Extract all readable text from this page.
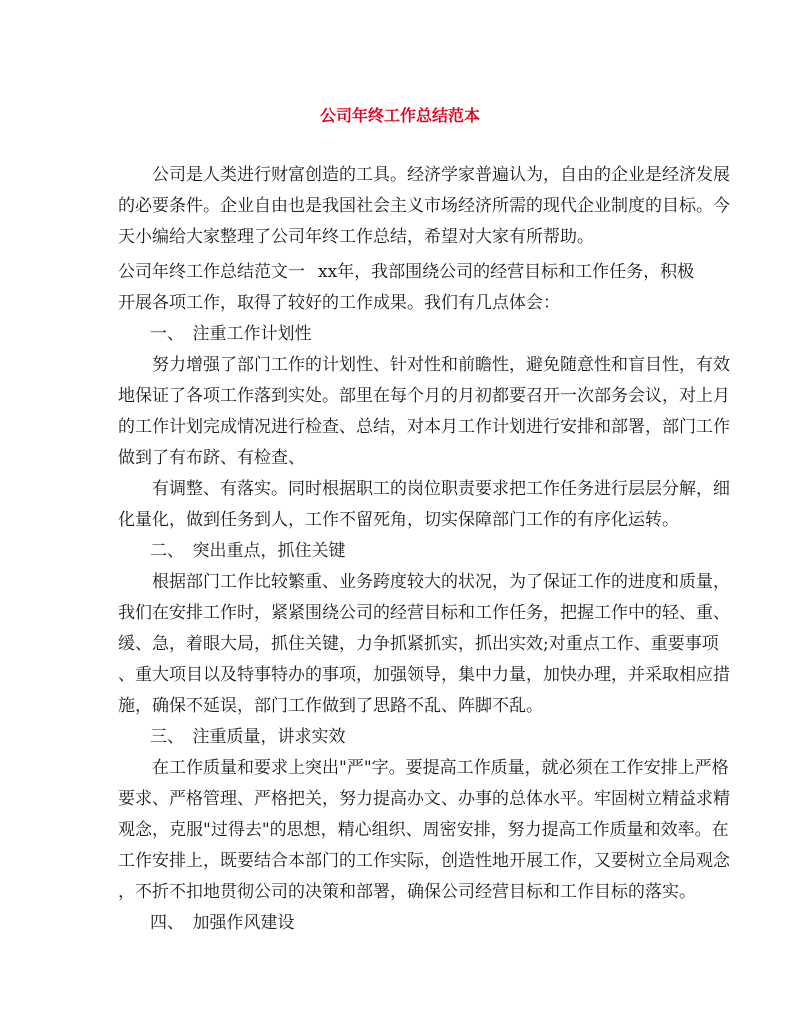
公司年终工作总结范本
　　公司是人类进行财富创造的工具。经济学家普遍认为，自由的企业是经济发展
的必要条件。企业自由也是我国社会主义市场经济所需的现代企业制度的目标。今
天小编给大家整理了公司年终工作总结，希望对大家有所帮助。
公司年终工作总结范文一 xx年，我部围绕公司的经营目标和工作任务，积极
开展各项工作，取得了较好的工作成果。我们有几点体会：
一、　注重工作计划性
　　努力增强了部门工作的计划性、针对性和前瞻性，避免随意性和盲目性，有效
地保证了各项工作落到实处。部里在每个月的月初都要召开一次部务会议，对上月
的工作计划完成情况进行检查、总结，对本月工作计划进行安排和部署，部门工作
做到了有布跻、有检查、
　　有调整、有落实。同时根据职工的岗位职责要求把工作任务进行层层分解，细
化量化，做到任务到人，工作不留死角，切实保障部门工作的有序化运转。
二、　突出重点，抓住关键
　　根据部门工作比较繁重、业务跨度较大的状况，为了保证工作的进度和质量，
我们在安排工作时，紧紧围绕公司的经营目标和工作任务，把握工作中的轻、重、
缓、急，着眼大局，抓住关键，力争抓紧抓实，抓出实效;对重点工作、重要事项
、重大项目以及特事特办的事项，加强领导，集中力量，加快办理，并采取相应措
施，确保不延误，部门工作做到了思路不乱、阵脚不乱。
三、　注重质量，讲求实效
　　在工作质量和要求上突出"严"字。要提高工作质量，就必须在工作安排上严格
要求、严格管理、严格把关，努力提高办文、办事的总体水平。牢固树立精益求精
观念，克服"过得去"的思想，精心组织、周密安排，努力提高工作质量和效率。在
工作安排上，既要结合本部门的工作实际，创造性地开展工作，又要树立全局观念
，不折不扣地贯彻公司的决策和部署，确保公司经营目标和工作目标的落实。
四、　加强作风建设
